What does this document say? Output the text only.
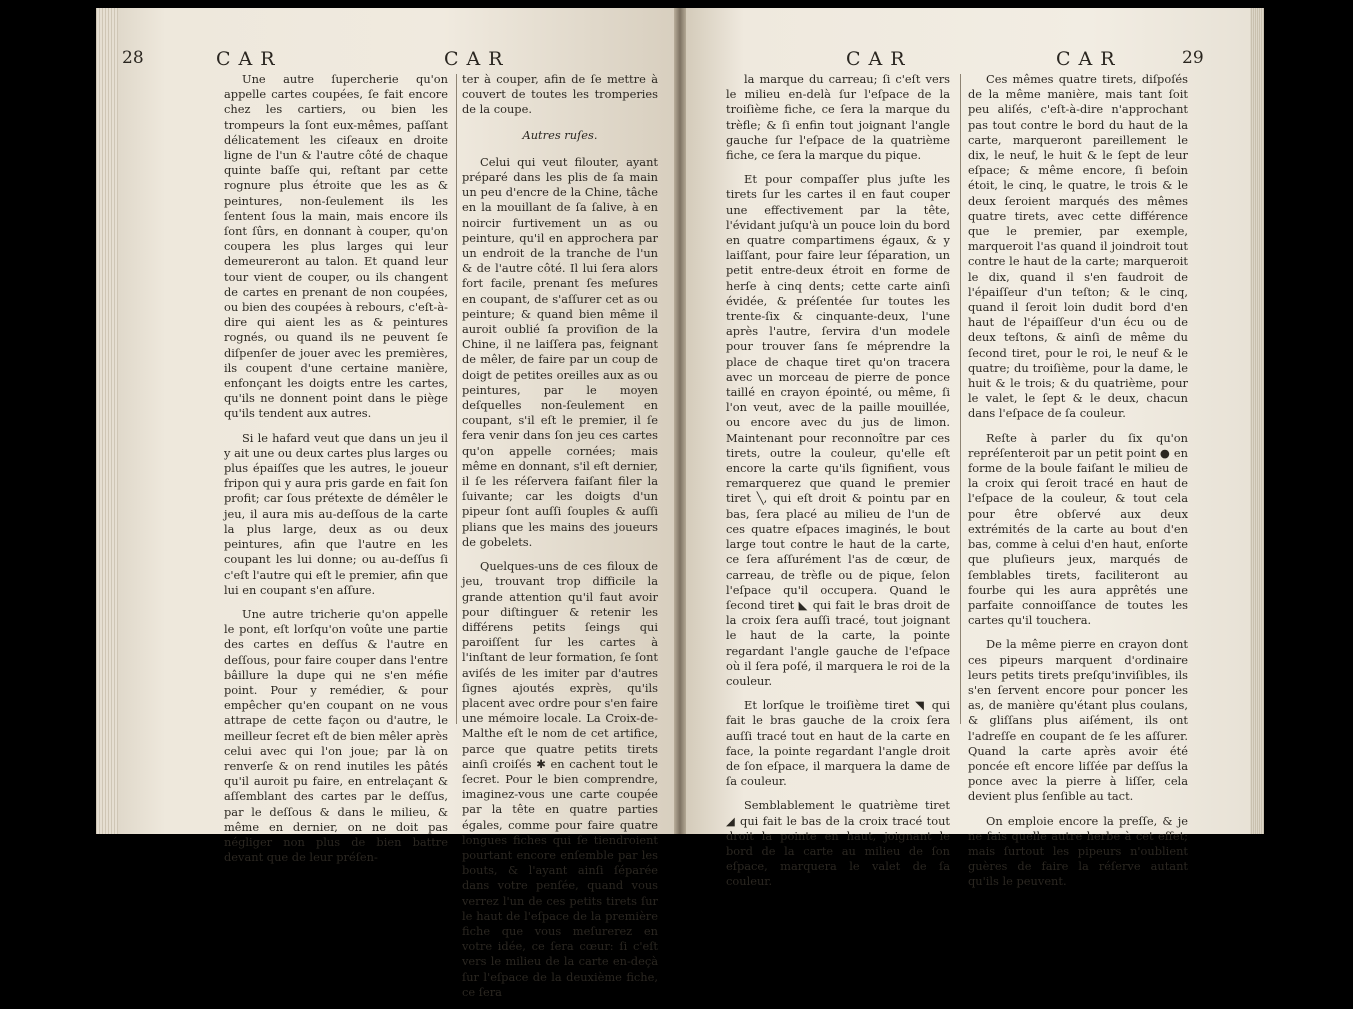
28	CAR	CAR

Une autre ſupercherie qu'on appelle cartes coupées, ſe fait encore chez les cartiers, ou bien les trompeurs la ſont eux-mêmes, paſſant délicatement les ciſeaux en droite ligne de l'un & l'autre côté de chaque quinte baſſe qui, reſtant par cette rognure plus étroite que les as & peintures, non-ſeulement ils les ſentent ſous la main, mais encore ils ſont ſûrs, en donnant à couper, qu'on coupera les plus larges qui leur demeureront au talon. Et quand leur tour vient de couper, ou ils changent de cartes en prenant de non coupées, ou bien des coupées à rebours, c'eſt-à-dire qui aient les as & peintures rognés, ou quand ils ne peuvent ſe diſpenſer de jouer avec les premières, ils coupent d'une certaine manière, enfonçant les doigts entre les cartes, qu'ils ne donnent point dans le piège qu'ils tendent aux autres.

Si le hafard veut que dans un jeu il y ait une ou deux cartes plus larges ou plus épaiſſes que les autres, le joueur fripon qui y aura pris garde en fait ſon profit; car ſous prétexte de démêler le jeu, il aura mis au-deſſous de la carte la plus large, deux as ou deux peintures, afin que l'autre en les coupant les lui donne; ou au-deſſus ſi c'eſt l'autre qui eſt le premier, afin que lui en coupant s'en aſſure.

Une autre tricherie qu'on appelle le pont, eſt lorſqu'on voûte une partie des cartes en deſſus & l'autre en deſſous, pour faire couper dans l'entre bâillure la dupe qui ne s'en méfie point. Pour y remédier, & pour empêcher qu'en coupant on ne vous attrape de cette façon ou d'autre, le meilleur ſecret eſt de bien mêler après celui avec qui l'on joue; par là on renverſe & on rend inutiles les pâtés qu'il auroit pu faire, en entrelaçant & aſſemblant des cartes par le deſſus, par le deſſous & dans le milieu, & même en dernier, on ne doit pas négliger non plus de bien battre devant que de leur préſen-

ter à couper, afin de ſe mettre à couvert de toutes les tromperies de la coupe.

Autres ruſes.

Celui qui veut filouter, ayant préparé dans les plis de ſa main un peu d'encre de la Chine, tâche en la mouillant de ſa ſalive, à en noircir furtivement un as ou peinture, qu'il en approchera par un endroit de la tranche de l'un & de l'autre côté. Il lui ſera alors fort facile, prenant ſes meſures en coupant, de s'aſſurer cet as ou peinture; & quand bien même il auroit oublié ſa proviſion de la Chine, il ne laiſſera pas, feignant de mêler, de faire par un coup de doigt de petites oreilles aux as ou peintures, par le moyen deſquelles non-ſeulement en coupant, s'il eſt le premier, il ſe fera venir dans ſon jeu ces cartes qu'on appelle cornées; mais même en donnant, s'il eſt dernier, il ſe les réſervera faiſant filer la ſuivante; car les doigts d'un pipeur ſont auſſi ſouples & auſſi plians que les mains des joueurs de gobelets.

Quelques-uns de ces filoux de jeu, trouvant trop difficile la grande attention qu'il faut avoir pour diſtinguer & retenir les différens petits ſeings qui paroiſſent ſur les cartes à l'inſtant de leur formation, ſe ſont aviſés de les imiter par d'autres ſignes ajoutés exprès, qu'ils placent avec ordre pour s'en faire une mémoire locale. La Croix-de-Malthe eſt le nom de cet artifice, parce que quatre petits tirets ainſi croiſés ✱ en cachent tout le ſecret. Pour le bien comprendre, imaginez-vous une carte coupée par la tête en quatre parties égales, comme pour faire quatre longues fiches qui ſe tiendroient pourtant encore enſemble par les bouts, & l'ayant ainſi ſéparée dans votre penſée, quand vous verrez l'un de ces petits tirets ſur le haut de l'eſpace de la première fiche que vous meſurerez en votre idée, ce ſera cœur: ſi c'eſt vers le milieu de la carte en-deçà ſur l'eſpace de la deuxième fiche, ce ſera

CAR	CAR	29

la marque du carreau; ſi c'eſt vers le milieu en-delà ſur l'eſpace de la troiſième fiche, ce ſera la marque du trèfle; & ſi enfin tout joignant l'angle gauche ſur l'eſpace de la quatrième fiche, ce ſera la marque du pique.

Et pour compaſſer plus juſte les tirets ſur les cartes il en faut couper une effectivement par la tête, l'évidant juſqu'à un pouce loin du bord en quatre compartimens égaux, & y laiſſant, pour faire leur ſéparation, un petit entre-deux étroit en forme de herſe à cinq dents; cette carte ainſi évidée, & préſentée ſur toutes les trente-ſix & cinquante-deux, l'une après l'autre, ſervira d'un modele pour trouver ſans ſe méprendre la place de chaque tiret qu'on tracera avec un morceau de pierre de ponce taillé en crayon épointé, ou même, ſi l'on veut, avec de la paille mouillée, ou encore avec du jus de limon. Maintenant pour reconnoître par ces tirets, outre la couleur, qu'elle eſt encore la carte qu'ils ſignifient, vous remarquerez que quand le premier tiret ╲, qui eſt droit & pointu par en bas, ſera placé au milieu de l'un de ces quatre eſpaces imaginés, le bout large tout contre le haut de la carte, ce ſera aſſurément l'as de cœur, de carreau, de trèfle ou de pique, ſelon l'eſpace qu'il occupera. Quand le ſecond tiret ◣ qui fait le bras droit de la croix ſera auſſi tracé, tout joignant le haut de la carte, la pointe regardant l'angle gauche de l'eſpace où il ſera poſé, il marquera le roi de la couleur.

Et lorſque le troiſième tiret ◥ qui fait le bras gauche de la croix ſera auſſi tracé tout en haut de la carte en face, la pointe regardant l'angle droit de ſon eſpace, il marquera la dame de ſa couleur.

Semblablement le quatrième tiret ◢ qui fait le bas de la croix tracé tout droit la pointe en haut, joignant le bord de la carte au milieu de ſon eſpace, marquera le valet de ſa couleur.

Ces mêmes quatre tirets, diſpoſés de la même manière, mais tant ſoit peu aliſés, c'eſt-à-dire n'approchant pas tout contre le bord du haut de la carte, marqueront pareillement le dix, le neuf, le huit & le ſept de leur eſpace; & même encore, ſi beſoin étoit, le cinq, le quatre, le trois & le deux ſeroient marqués des mêmes quatre tirets, avec cette différence que le premier, par exemple, marqueroit l'as quand il joindroit tout contre le haut de la carte; marqueroit le dix, quand il s'en faudroit de l'épaiſſeur d'un teſton; & le cinq, quand il ſeroit loin dudit bord d'en haut de l'épaiſſeur d'un écu ou de deux teſtons, & ainſi de même du ſecond tiret, pour le roi, le neuf & le quatre; du troiſième, pour la dame, le huit & le trois; & du quatrième, pour le valet, le ſept & le deux, chacun dans l'eſpace de ſa couleur.

Reſte à parler du ſix qu'on repréſenteroit par un petit point ● en forme de la boule faiſant le milieu de la croix qui ſeroit tracé en haut de l'eſpace de la couleur, & tout cela pour être obſervé aux deux extrémités de la carte au bout d'en bas, comme à celui d'en haut, enſorte que pluſieurs jeux, marqués de ſemblables tirets, faciliteront au fourbe qui les aura apprêtés une parfaite connoiſſance de toutes les cartes qu'il touchera.

De la même pierre en crayon dont ces pipeurs marquent d'ordinaire leurs petits tirets preſqu'inviſibles, ils s'en ſervent encore pour poncer les as, de manière qu'étant plus coulans, & gliſſans plus aiſément, ils ont l'adreſſe en coupant de ſe les aſſurer. Quand la carte après avoir été poncée eſt encore liſſée par deſſus la ponce avec la pierre à liſſer, cela devient plus ſenſible au tact.

On emploie encore la preſſe, & je ne ſais quelle autre herbe à cet effet; mais ſurtout les pipeurs n'oublient guères de faire la réſerve autant qu'ils le peuvent.
